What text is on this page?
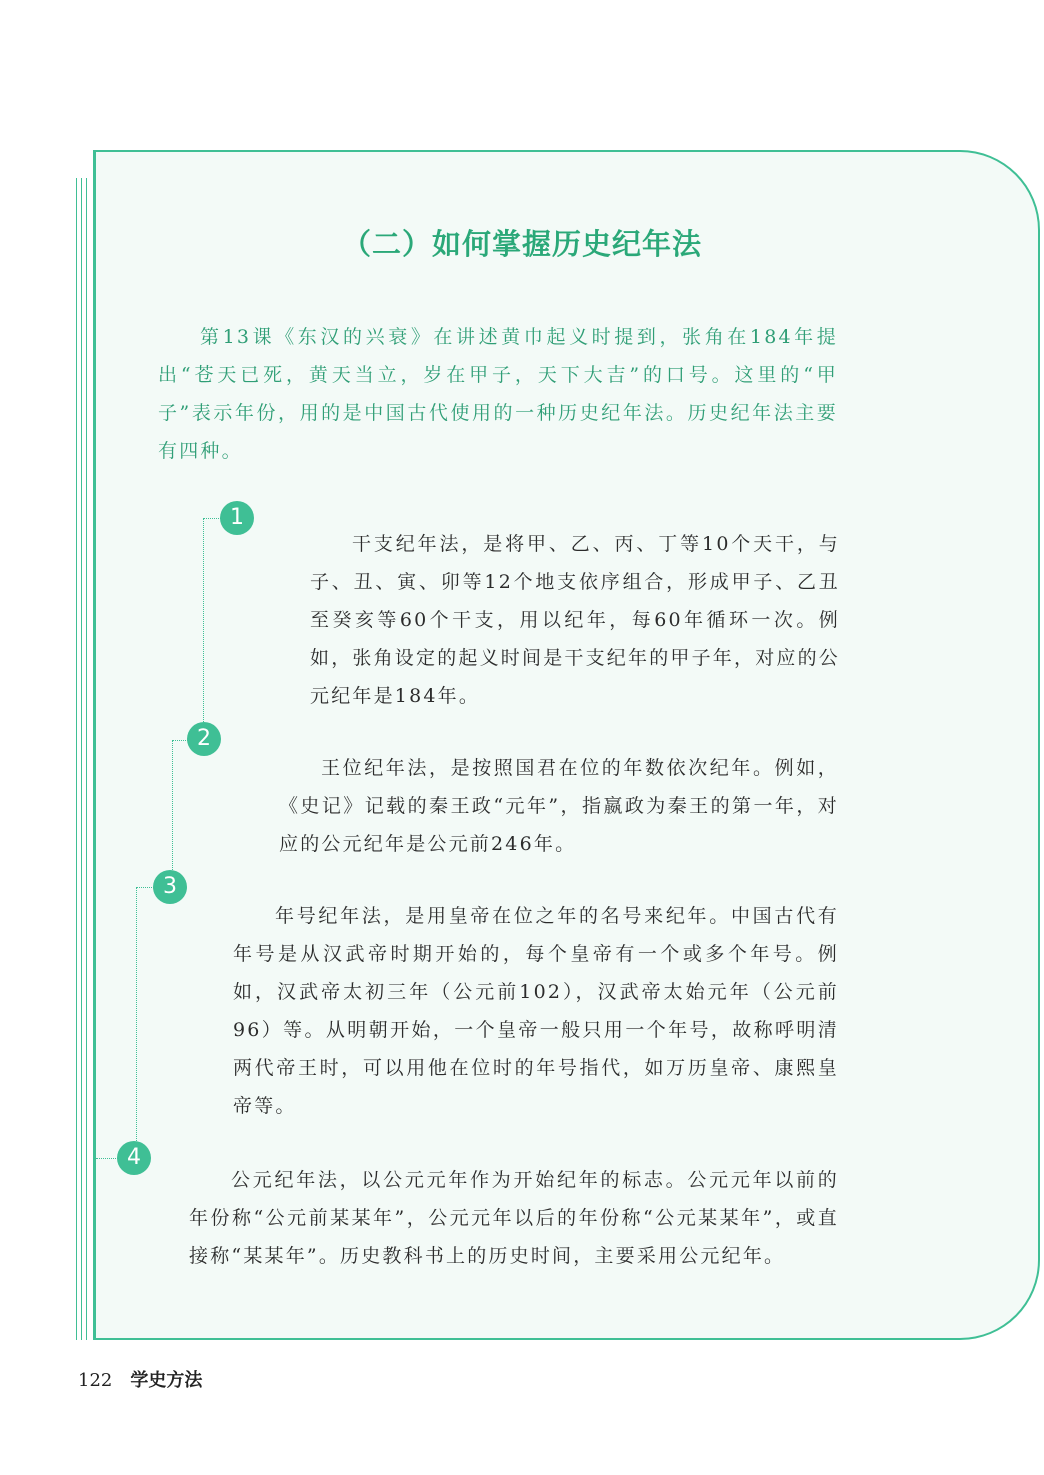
（二）如何掌握历史纪年法

第13课《东汉的兴衰》在讲述黄巾起义时提到，张角在184年提出“苍天已死，黄天当立，岁在甲子，天下大吉”的口号。这里的“甲子”表示年份，用的是中国古代使用的一种历史纪年法。历史纪年法主要有四种。

1
2
3
4

干支纪年法，是将甲、乙、丙、丁等10个天干，与子、丑、寅、卯等12个地支依序组合，形成甲子、乙丑至癸亥等60个干支，用以纪年，每60年循环一次。例如，张角设定的起义时间是干支纪年的甲子年，对应的公元纪年是184年。

王位纪年法，是按照国君在位的年数依次纪年。例如，《史记》记载的秦王政“元年”，指嬴政为秦王的第一年，对应的公元纪年是公元前246年。

年号纪年法，是用皇帝在位之年的名号来纪年。中国古代有年号是从汉武帝时期开始的，每个皇帝有一个或多个年号。例如，汉武帝太初三年（公元前102），汉武帝太始元年（公元前96）等。从明朝开始，一个皇帝一般只用一个年号，故称呼明清两代帝王时，可以用他在位时的年号指代，如万历皇帝、康熙皇帝等。

公元纪年法，以公元元年作为开始纪年的标志。公元元年以前的年份称“公元前某某年”，公元元年以后的年份称“公元某某年”，或直接称“某某年”。历史教科书上的历史时间，主要采用公元纪年。

122 学史方法
